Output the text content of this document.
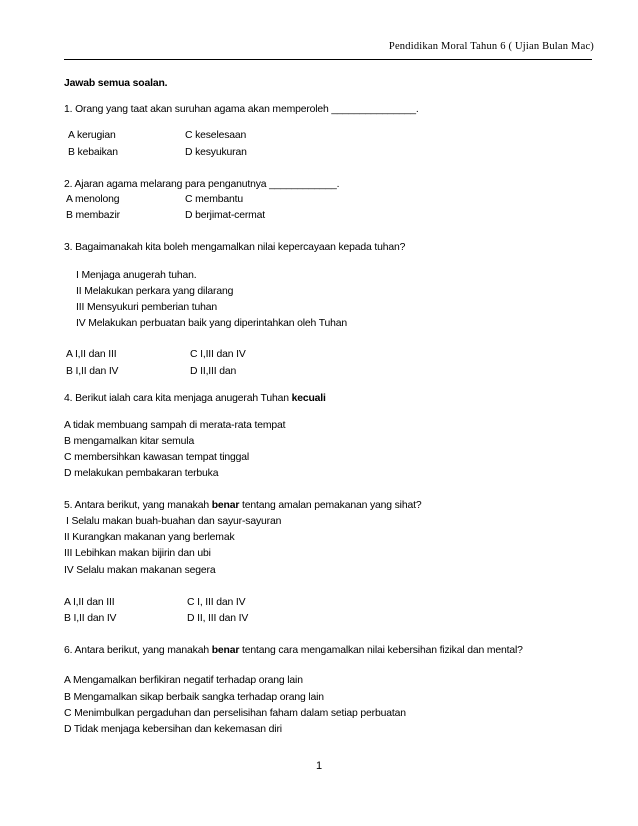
Pendidikan Moral Tahun 6 ( Ujian Bulan Mac)
Jawab semua soalan.
1. Orang yang taat akan suruhan agama akan memperoleh _______________.
A kerugian	C keselesaan
B kebaikan	D kesyukuran
2. Ajaran agama melarang para penganutnya ____________.
A menolong	C membantu
B membazir	D berjimat-cermat
3. Bagaimanakah kita boleh mengamalkan nilai kepercayaan kepada tuhan?
I Menjaga anugerah tuhan.
II Melakukan perkara yang dilarang
III Mensyukuri pemberian tuhan
IV Melakukan perbuatan baik yang diperintahkan oleh Tuhan
A I,II dan III	C I,III dan IV
B I,II dan IV	D II,III dan
4. Berikut ialah cara kita menjaga anugerah Tuhan kecuali
A tidak membuang sampah di merata-rata tempat
B mengamalkan kitar semula
C membersihkan kawasan tempat tinggal
D melakukan pembakaran terbuka
5. Antara berikut, yang manakah benar tentang amalan pemakanan yang sihat?
I Selalu makan buah-buahan dan sayur-sayuran
II Kurangkan makanan yang berlemak
III Lebihkan makan bijirin dan ubi
IV Selalu makan makanan segera
A I,II dan III	C I, III dan IV
B I,II dan IV	D II, III dan IV
6. Antara berikut, yang manakah benar tentang cara mengamalkan nilai kebersihan fizikal dan mental?
A Mengamalkan berfikiran negatif terhadap orang lain
B Mengamalkan sikap berbaik sangka terhadap orang lain
C Menimbulkan pergaduhan dan perselisihan faham dalam setiap perbuatan
D Tidak menjaga kebersihan dan kekemasan diri
1
